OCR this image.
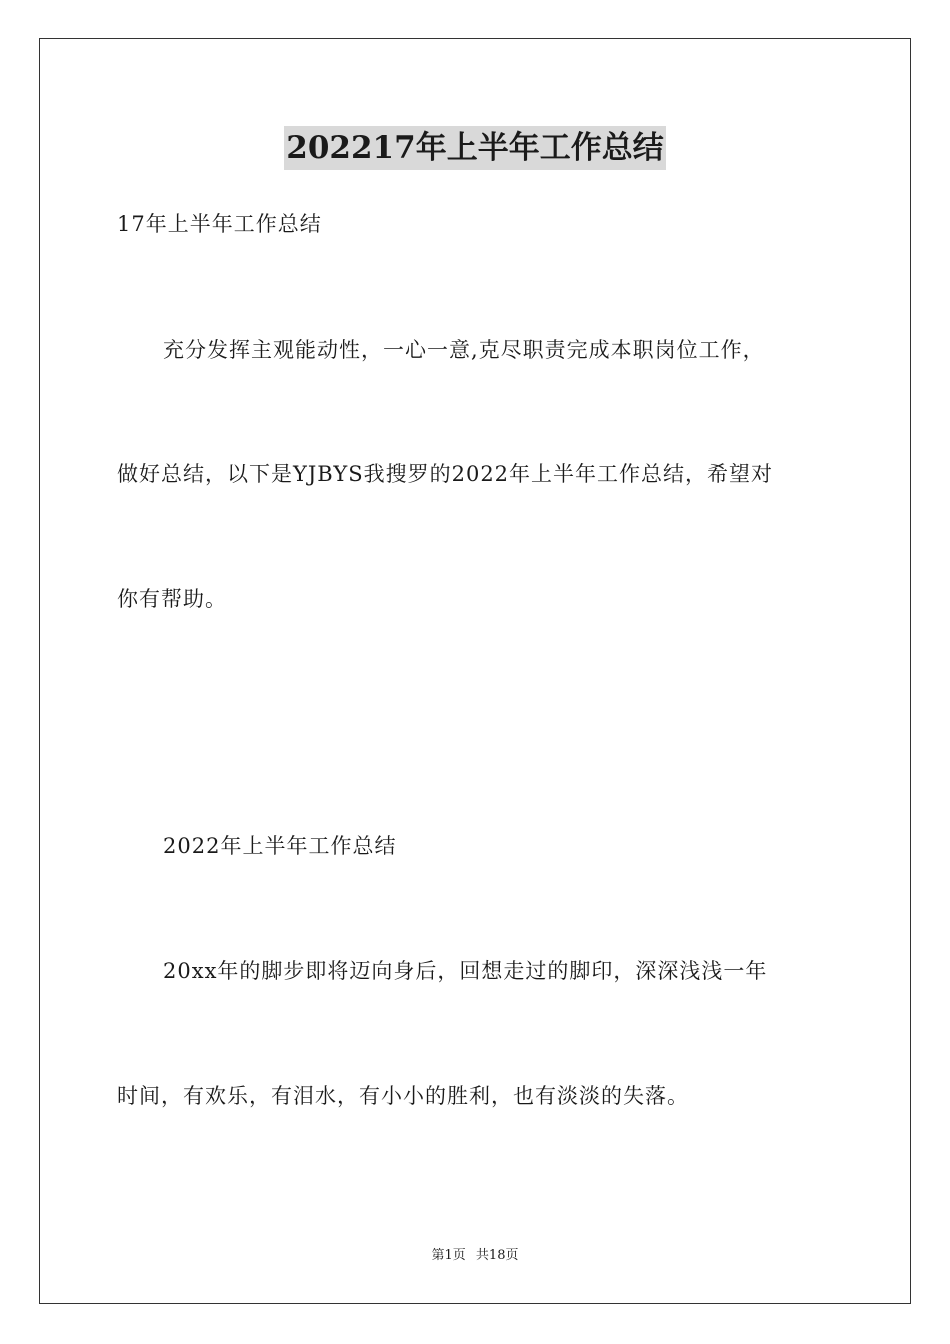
202217年上半年工作总结
17年上半年工作总结
充分发挥主观能动性，一心一意,克尽职责完成本职岗位工作，
做好总结，以下是YJBYS我搜罗的2022年上半年工作总结，希望对
你有帮助。
2022年上半年工作总结
20xx年的脚步即将迈向身后，回想走过的脚印，深深浅浅一年
时间，有欢乐，有泪水，有小小的胜利，也有淡淡的失落。
第1页 共18页
